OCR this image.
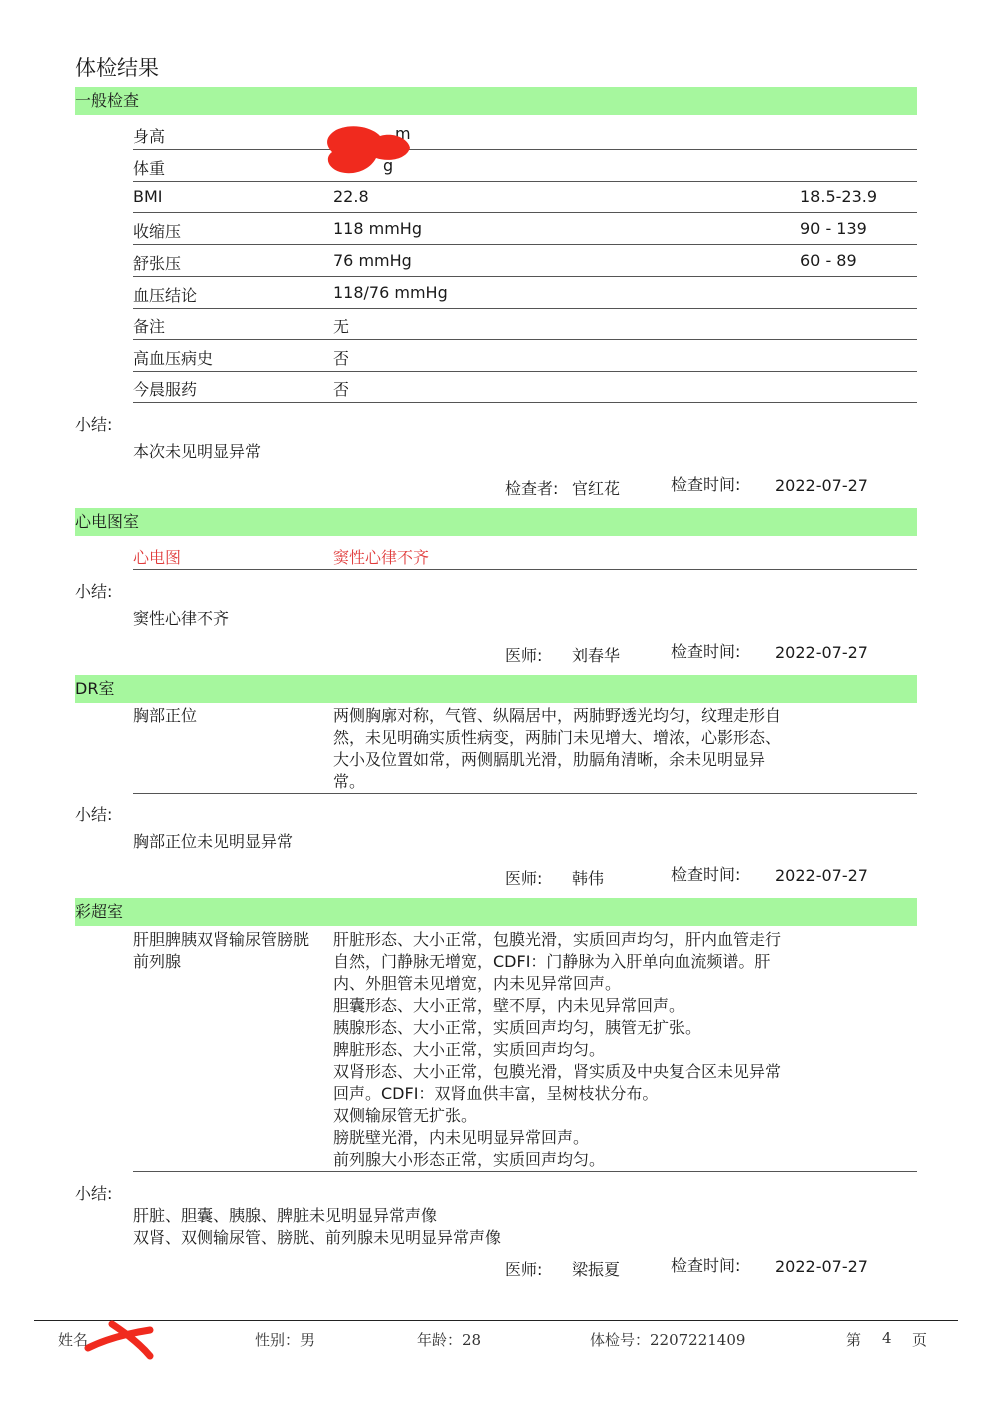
体检结果
一般检查
身高	m
体重	g
BMI	22.8	18.5-23.9
收缩压	118 mmHg	90 - 139
舒张压	76 mmHg	60 - 89
血压结论	118/76 mmHg
备注	无
高血压病史	否
今晨服药	否
小结:
本次未见明显异常
检查者: 官红花	检查时间: 2022-07-27
心电图室
心电图	窦性心律不齐
小结:
窦性心律不齐
医师: 刘春华	检查时间: 2022-07-27
DR室
胸部正位	两侧胸廓对称，气管、纵隔居中，两肺野透光均匀，纹理走形自
然，未见明确实质性病变，两肺门未见增大、增浓，心影形态、
大小及位置如常，两侧膈肌光滑，肋膈角清晰，余未见明显异
常。
小结:
胸部正位未见明显异常
医师: 韩伟	检查时间: 2022-07-27
彩超室
肝胆脾胰双肾输尿管膀胱
前列腺
肝脏形态、大小正常，包膜光滑，实质回声均匀，肝内血管走行
自然，门静脉无增宽，CDFI：门静脉为入肝单向血流频谱。肝
内、外胆管未见增宽，内未见异常回声。
胆囊形态、大小正常，壁不厚，内未见异常回声。
胰腺形态、大小正常，实质回声均匀，胰管无扩张。
脾脏形态、大小正常，实质回声均匀。
双肾形态、大小正常，包膜光滑，肾实质及中央复合区未见异常
回声。CDFI：双肾血供丰富，呈树枝状分布。
双侧输尿管无扩张。
膀胱壁光滑，内未见明显异常回声。
前列腺大小形态正常，实质回声均匀。
小结:
肝脏、胆囊、胰腺、脾脏未见明显异常声像
双肾、双侧输尿管、膀胱、前列腺未见明显异常声像
医师: 梁振夏	检查时间: 2022-07-27
姓名	性别：男	年龄：28	体检号：2207221409	第 4 页
